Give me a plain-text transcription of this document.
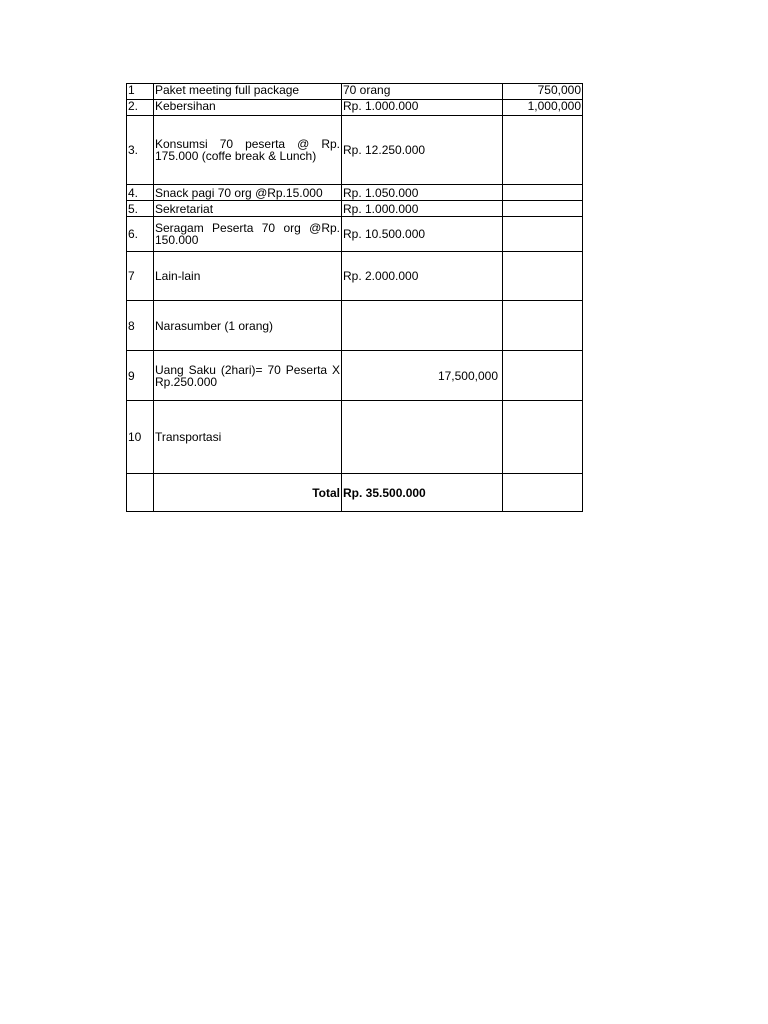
1	Paket meeting full package	70 orang	750,000
2.	Kebersihan	Rp. 1.000.000	1,000,000
3.	Konsumsi 70 peserta @ Rp. 175.000 (coffe break & Lunch)	Rp. 12.250.000	
4.	Snack pagi 70 org @Rp.15.000	Rp. 1.050.000	
5.	Sekretariat	Rp. 1.000.000	
6.	Seragam Peserta 70 org @Rp. 150.000	Rp. 10.500.000	
7	Lain-lain	Rp. 2.000.000	
8	Narasumber (1 orang)		
9	Uang Saku (2hari)= 70 Peserta X Rp.250.000	17,500,000	
10	Transportasi		
	Total	Rp. 35.500.000	
